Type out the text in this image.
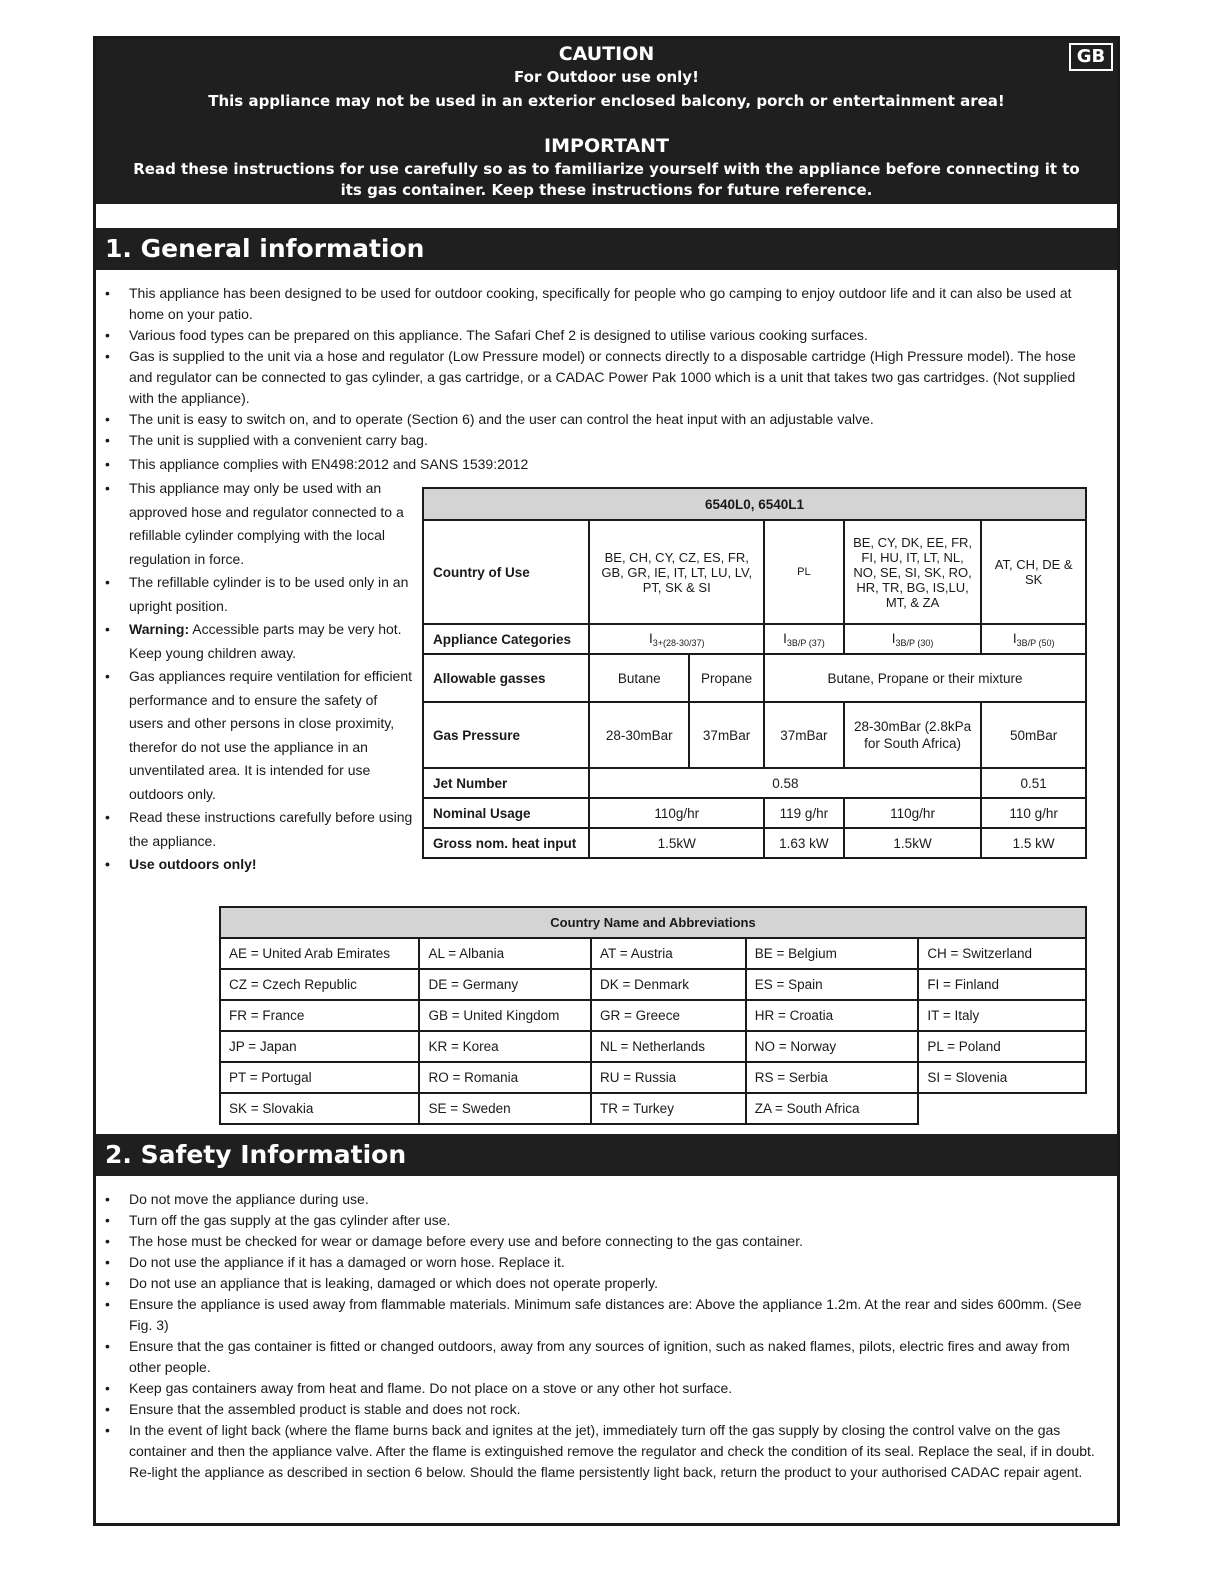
CAUTION
For Outdoor use only!
This appliance may not be used in an exterior enclosed balcony, porch or entertainment area!
IMPORTANT
Read these instructions for use carefully so as to familiarize yourself with the appliance before connecting it to its gas container. Keep these instructions for future reference.
GB
1. General information
• This appliance has been designed to be used for outdoor cooking, specifically for people who go camping to enjoy outdoor life and it can also be used at home on your patio.
• Various food types can be prepared on this appliance. The Safari Chef 2 is designed to utilise various cooking surfaces.
• Gas is supplied to the unit via a hose and regulator (Low Pressure model) or connects directly to a disposable cartridge (High Pressure model). The hose and regulator can be connected to gas cylinder, a gas cartridge, or a CADAC Power Pak 1000 which is a unit that takes two gas cartridges. (Not supplied with the appliance).
• The unit is easy to switch on, and to operate (Section 6) and the user can control the heat input with an adjustable valve.
• The unit is supplied with a convenient carry bag.
• This appliance complies with EN498:2012 and SANS 1539:2012
• This appliance may only be used with an approved hose and regulator connected to a refillable cylinder complying with the local regulation in force.
• The refillable cylinder is to be used only in an upright position.
• Warning: Accessible parts may be very hot. Keep young children away.
• Gas appliances require ventilation for efficient performance and to ensure the safety of users and other persons in close proximity, therefor do not use the appliance in an unventilated area. It is intended for use outdoors only.
• Read these instructions carefully before using the appliance.
• Use outdoors only!
6540L0, 6540L1					
Country of Use	BE, CH, CY, CZ, ES, FR, GB, GR, IE, IT, LT, LU, LV, PT, SK & SI		PL	BE, CY, DK, EE, FR, FI, HU, IT, LT, NL, NO, SE, SI, SK, RO, HR, TR, BG, IS,LU, MT, & ZA	AT, CH, DE & SK
Appliance Categories	$I_{3+(28-30/37)}$		$I_{3B/P (37)}$	$I_{3B/P (30)}$	$I_{3B/P (50)}$
Allowable gasses	Butane	Propane	Butane, Propane or their mixture		
Gas Pressure	28-30mBar	37mBar	37mBar	28-30mBar (2.8kPa for South Africa)	50mBar
Jet Number	0.58				0.51
Nominal Usage	110g/hr		119 g/hr	110g/hr	110 g/hr
Gross nom. heat input	1.5kW		1.63 kW	1.5kW	1.5 kW
Country Name and Abbreviations				
AE = United Arab Emirates	AL = Albania	AT = Austria	BE = Belgium	CH = Switzerland
CZ = Czech Republic	DE = Germany	DK = Denmark	ES = Spain	FI = Finland
FR = France	GB = United Kingdom	GR = Greece	HR = Croatia	IT = Italy
JP = Japan	KR = Korea	NL = Netherlands	NO = Norway	PL = Poland
PT = Portugal	RO = Romania	RU = Russia	RS = Serbia	SI = Slovenia
SK = Slovakia	SE = Sweden	TR = Turkey	ZA = South Africa	
2. Safety Information
• Do not move the appliance during use.
• Turn off the gas supply at the gas cylinder after use.
• The hose must be checked for wear or damage before every use and before connecting to the gas container.
• Do not use the appliance if it has a damaged or worn hose. Replace it.
• Do not use an appliance that is leaking, damaged or which does not operate properly.
• Ensure the appliance is used away from flammable materials. Minimum safe distances are: Above the appliance 1.2m. At the rear and sides 600mm. (See Fig. 3)
• Ensure that the gas container is fitted or changed outdoors, away from any sources of ignition, such as naked flames, pilots, electric fires and away from other people.
• Keep gas containers away from heat and flame. Do not place on a stove or any other hot surface.
• Ensure that the assembled product is stable and does not rock.
• In the event of light back (where the flame burns back and ignites at the jet), immediately turn off the gas supply by closing the control valve on the gas container and then the appliance valve. After the flame is extinguished remove the regulator and check the condition of its seal. Replace the seal, if in doubt. Re-light the appliance as described in section 6 below. Should the flame persistently light back, return the product to your authorised CADAC repair agent.
